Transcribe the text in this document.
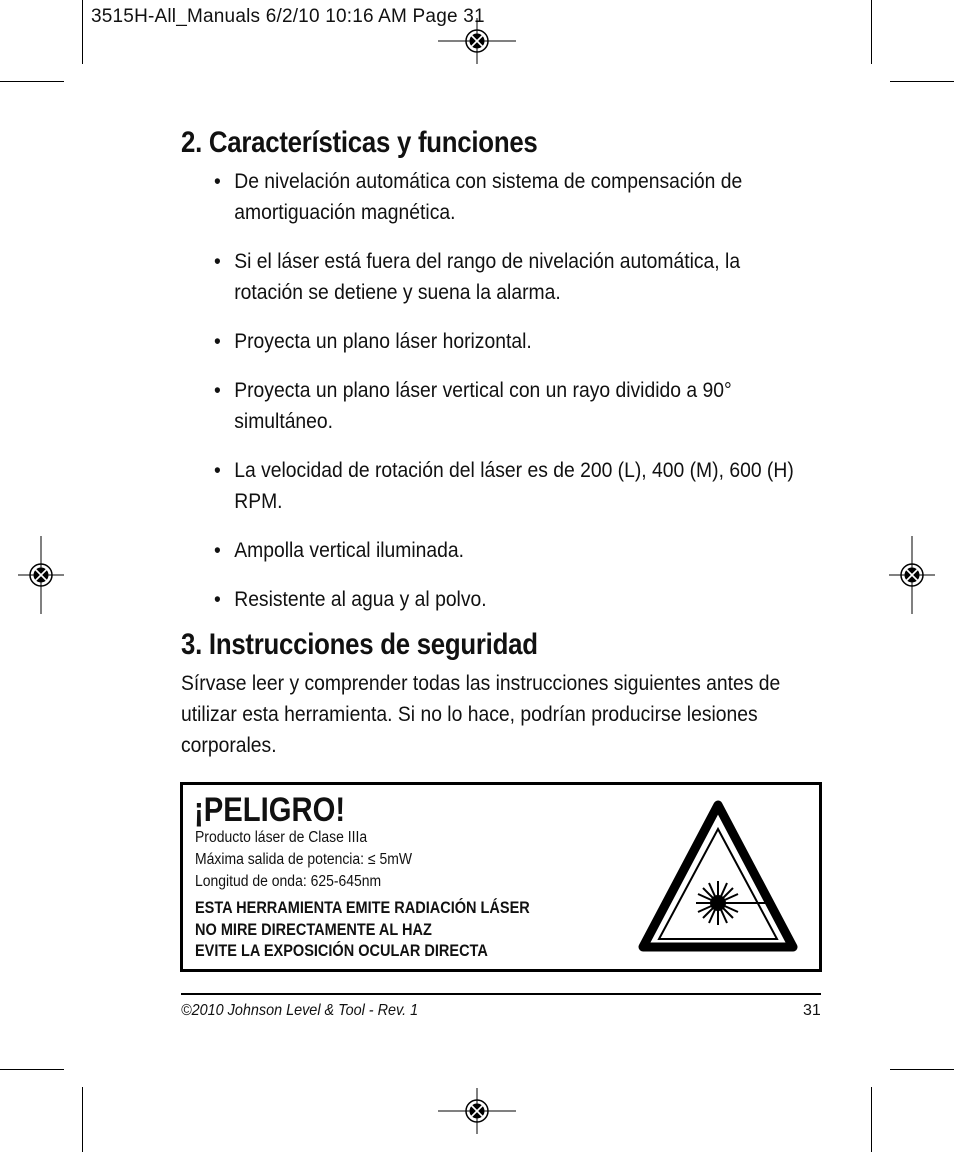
3515H-All_Manuals 6/2/10 10:16 AM Page 31
2. Características y funciones
• De nivelación automática con sistema de compensación de amortiguación magnética.
• Si el láser está fuera del rango de nivelación automática, la rotación se detiene y suena la alarma.
• Proyecta un plano láser horizontal.
• Proyecta un plano láser vertical con un rayo dividido a 90° simultáneo.
• La velocidad de rotación del láser es de 200 (L), 400 (M), 600 (H) RPM.
• Ampolla vertical iluminada.
• Resistente al agua y al polvo.
3. Instrucciones de seguridad

Sírvase leer y comprender todas las instrucciones siguientes antes de utilizar esta herramienta. Si no lo hace, podrían producirse lesiones corporales.

¡PELIGRO!
Producto láser de Clase IIIa
Máxima salida de potencia: ≤ 5mW
Longitud de onda: 625-645nm
ESTA HERRAMIENTA EMITE RADIACIÓN LÁSER
NO MIRE DIRECTAMENTE AL HAZ
EVITE LA EXPOSICIÓN OCULAR DIRECTA
©2010 Johnson Level & Tool - Rev. 1	31
